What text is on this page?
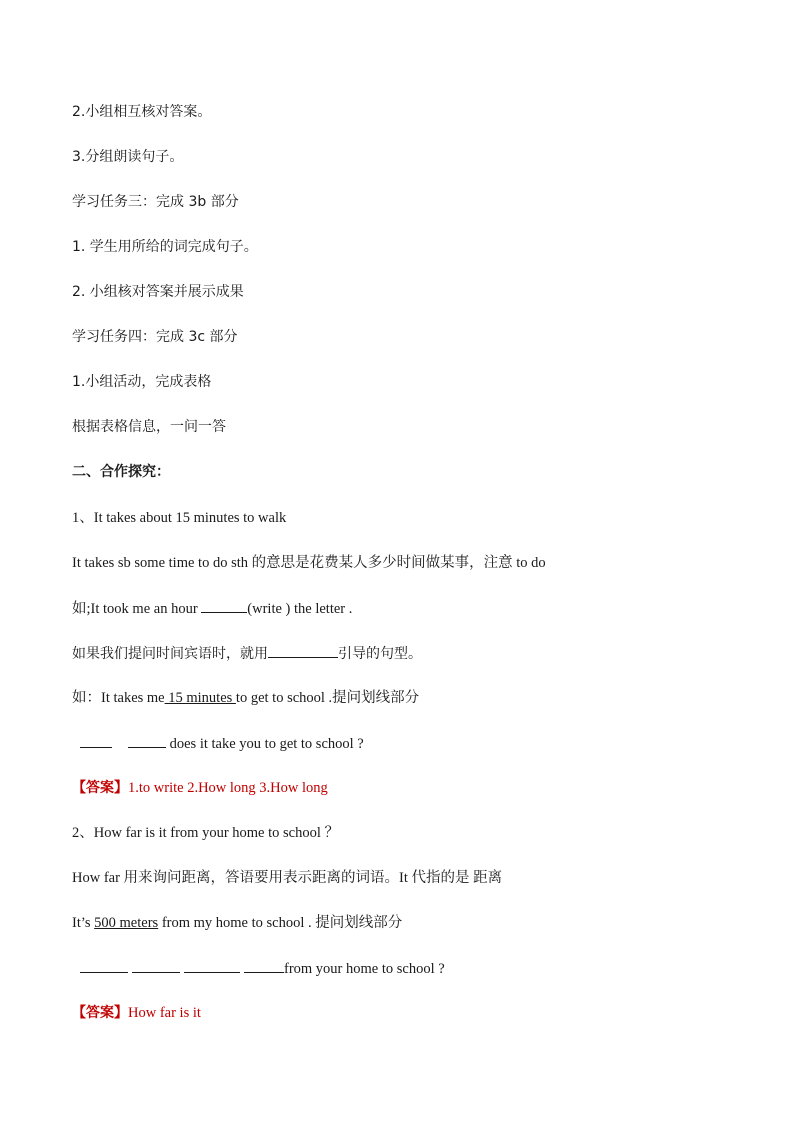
2.小组相互核对答案。
3.分组朗读句子。
学习任务三：完成 3b 部分
1. 学生用所给的词完成句子。
2. 小组核对答案并展示成果
学习任务四：完成 3c 部分
1.小组活动，完成表格
根据表格信息，一问一答
二、合作探究：
1、It takes about 15 minutes to walk
It takes sb some time to do sth 的意思是花费某人多少时间做某事，注意 to do
如;It took me an hour	(write ) the letter .
如果我们提问时间宾语时，就用	引导的句型。
如：It takes me 15 minutes to get to school .提问划线部分
does it take you to get to school ?
【答案】1.to write 2.How long 3.How long
2、How far is it from your home to school ？
How far 用来询问距离，答语要用表示距离的词语。It 代指的是 距离
It’s 500 meters from my home to school . 提问划线部分
from your home to school ?
【答案】How far is it
